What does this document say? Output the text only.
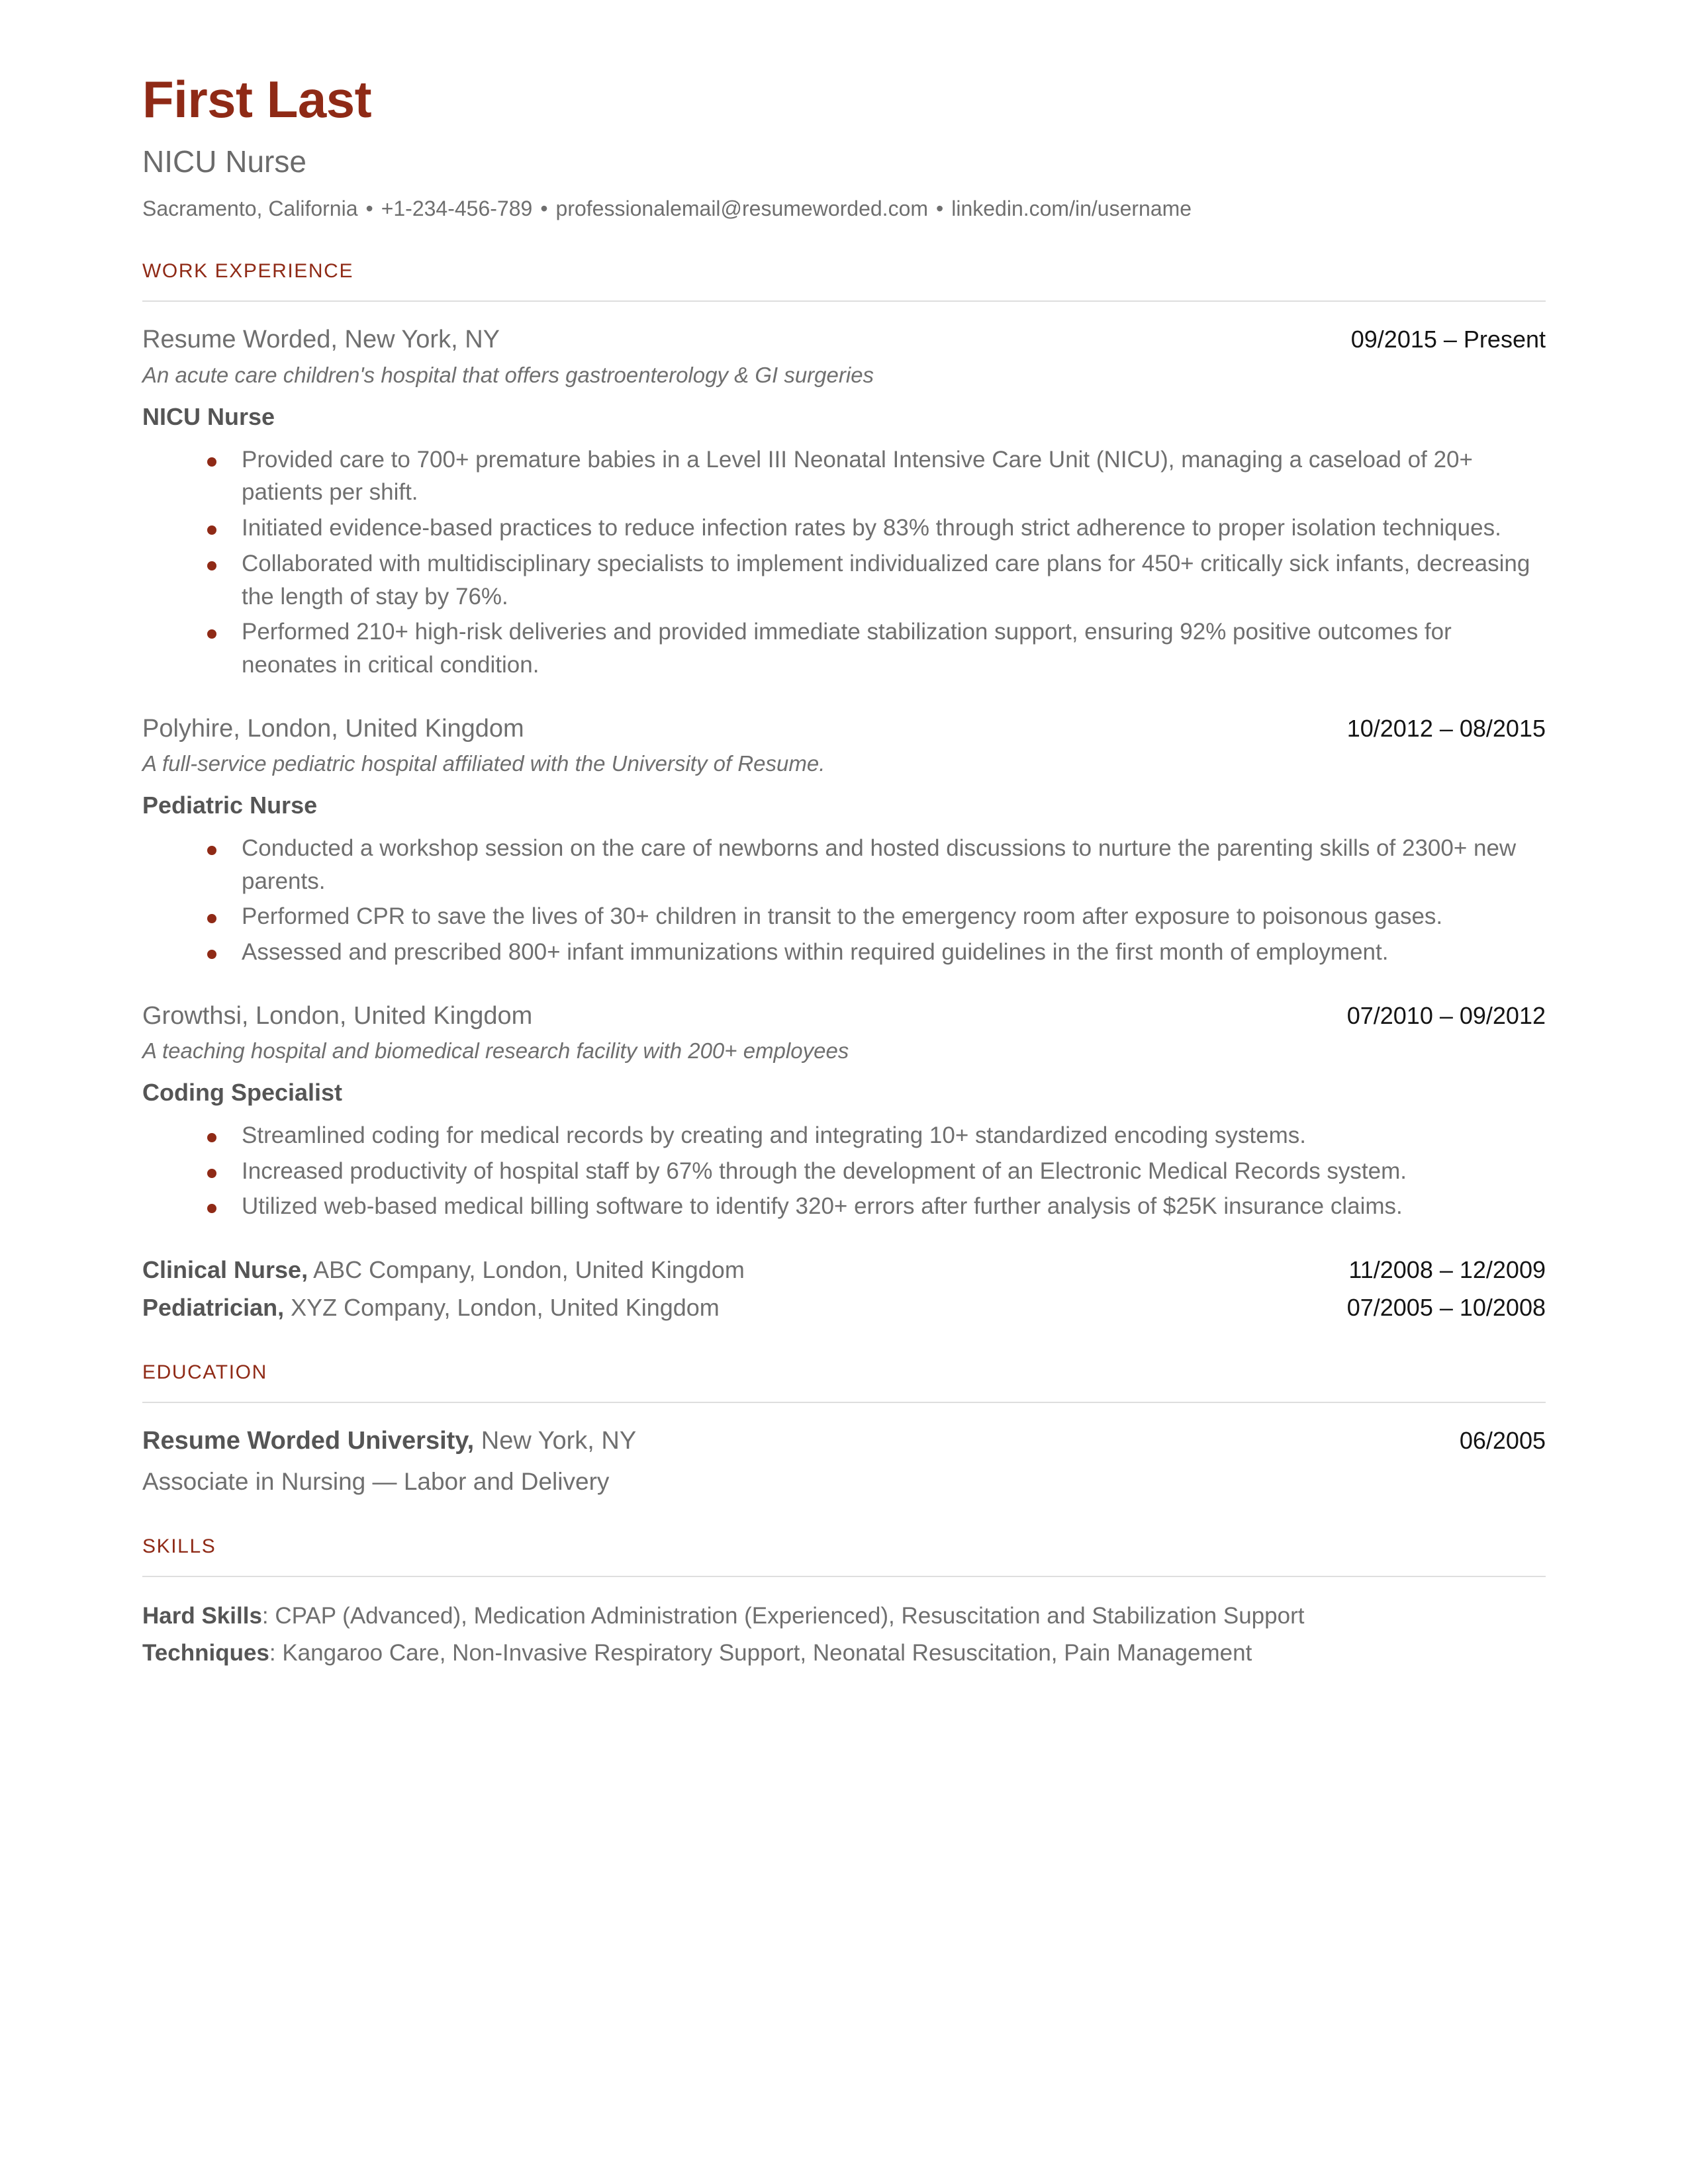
First Last
NICU Nurse
Sacramento, California • +1-234-456-789 • professionalemail@resumeworded.com • linkedin.com/in/username
WORK EXPERIENCE
Resume Worded, New York, NY	09/2015 – Present
An acute care children's hospital that offers gastroenterology & GI surgeries
NICU Nurse
Provided care to 700+ premature babies in a Level III Neonatal Intensive Care Unit (NICU), managing a caseload of 20+ patients per shift.
Initiated evidence-based practices to reduce infection rates by 83% through strict adherence to proper isolation techniques.
Collaborated with multidisciplinary specialists to implement individualized care plans for 450+ critically sick infants, decreasing the length of stay by 76%.
Performed 210+ high-risk deliveries and provided immediate stabilization support, ensuring 92% positive outcomes for neonates in critical condition.
Polyhire, London, United Kingdom	10/2012 – 08/2015
A full-service pediatric hospital affiliated with the University of Resume.
Pediatric Nurse
Conducted a workshop session on the care of newborns and hosted discussions to nurture the parenting skills of 2300+ new parents.
Performed CPR to save the lives of 30+ children in transit to the emergency room after exposure to poisonous gases.
Assessed and prescribed 800+ infant immunizations within required guidelines in the first month of employment.
Growthsi, London, United Kingdom	07/2010 – 09/2012
A teaching hospital and biomedical research facility with 200+ employees
Coding Specialist
Streamlined coding for medical records by creating and integrating 10+ standardized encoding systems.
Increased productivity of hospital staff by 67% through the development of an Electronic Medical Records system.
Utilized web-based medical billing software to identify 320+ errors after further analysis of $25K insurance claims.
Clinical Nurse, ABC Company, London, United Kingdom	11/2008 – 12/2009
Pediatrician, XYZ Company, London, United Kingdom	07/2005 – 10/2008
EDUCATION
Resume Worded University, New York, NY	06/2005
Associate in Nursing — Labor and Delivery
SKILLS
Hard Skills: CPAP (Advanced), Medication Administration (Experienced), Resuscitation and Stabilization Support
Techniques: Kangaroo Care, Non-Invasive Respiratory Support, Neonatal Resuscitation, Pain Management
